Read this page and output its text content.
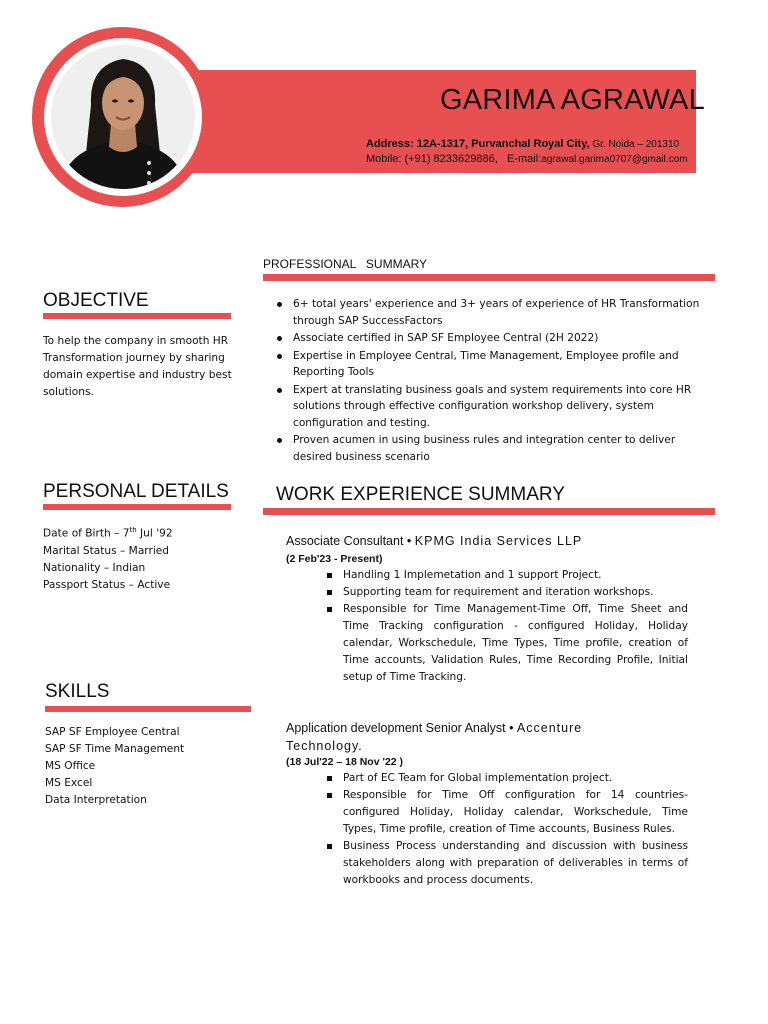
GARIMA AGRAWAL
Address: 12A-1317, Purvanchal Royal City, Gr. Noida – 201310
Mobile: (+91) 8233629886, E-mail:agrawal.garima0707@gmail.com
OBJECTIVE
To help the company in smooth HR Transformation journey by sharing domain expertise and industry best solutions.
PERSONAL DETAILS
Date of Birth – 7th Jul '92
Marital Status – Married
Nationality – Indian
Passport Status – Active
SKILLS
SAP SF Employee Central
SAP SF Time Management
MS Office
MS Excel
Data Interpretation
PROFESSIONAL   SUMMARY
6+ total years' experience and 3+ years of experience of HR Transformation through SAP SuccessFactors
Associate certified in SAP SF Employee Central (2H 2022)
Expertise in Employee Central, Time Management, Employee profile and Reporting Tools
Expert at translating business goals and system requirements into core HR solutions through effective configuration workshop delivery, system configuration and testing.
Proven acumen in using business rules and integration center to deliver desired business scenario
WORK EXPERIENCE SUMMARY
Associate Consultant • KPMG India Services LLP
(2 Feb'23 - Present)
Handling 1 Implemetation and 1 support Project.
Supporting team for requirement and iteration workshops.
Responsible for Time Management-Time Off, Time Sheet and Time Tracking configuration - configured Holiday, Holiday calendar, Workschedule, Time Types, Time profile, creation of Time accounts, Validation Rules, Time Recording Profile, Initial setup of Time Tracking.
Application development Senior Analyst • Accenture
Technology.
(18 Jul'22 – 18 Nov '22 )
Part of EC Team for Global implementation project.
Responsible for Time Off configuration for 14 countries- configured Holiday, Holiday calendar, Workschedule, Time Types, Time profile, creation of Time accounts, Business Rules.
Business Process understanding and discussion with business stakeholders along with preparation of deliverables in terms of workbooks and process documents.
